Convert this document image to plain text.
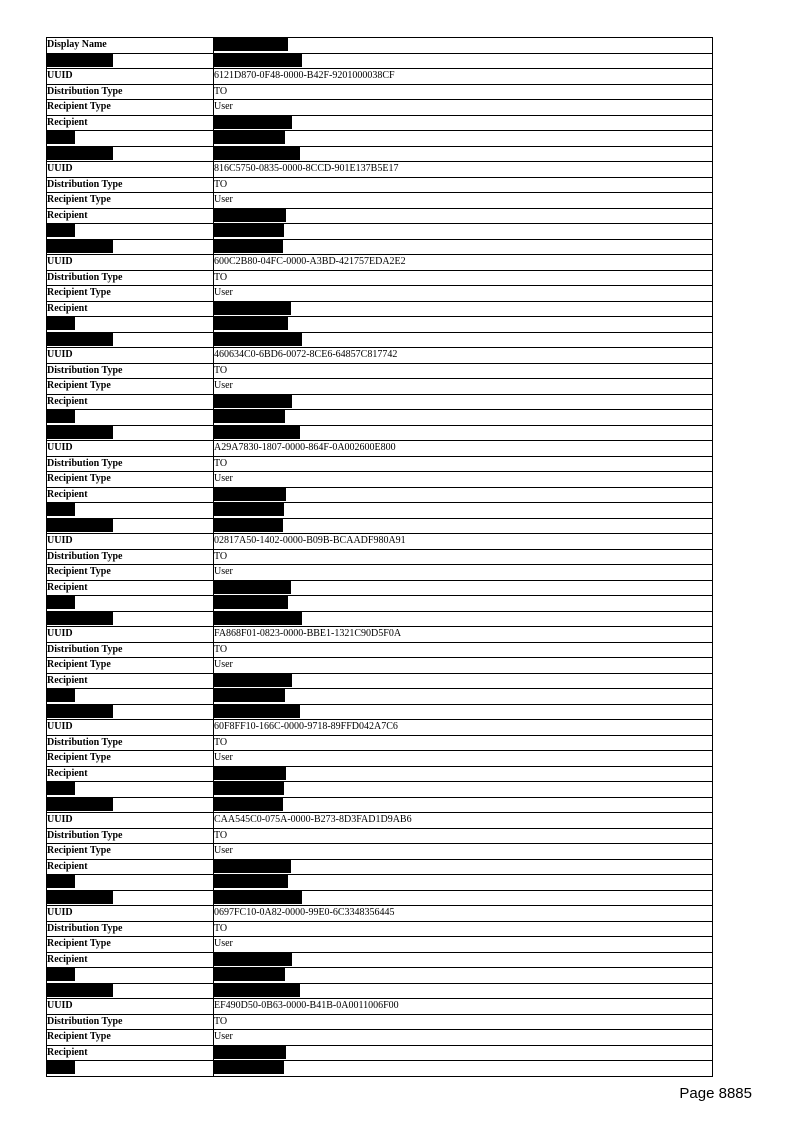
Display Name	

UUID	6121D870-0F48-0000-B42F-9201000038CF
Distribution Type	TO
Recipient Type	User
Recipient	

UUID	816C5750-0835-0000-8CCD-901E137B5E17
Distribution Type	TO
Recipient Type	User
Recipient	

UUID	600C2B80-04FC-0000-A3BD-421757EDA2E2
Distribution Type	TO
Recipient Type	User
Recipient	

UUID	460634C0-6BD6-0072-8CE6-64857C817742
Distribution Type	TO
Recipient Type	User
Recipient	

UUID	A29A7830-1807-0000-864F-0A002600E800
Distribution Type	TO
Recipient Type	User
Recipient	

UUID	02817A50-1402-0000-B09B-BCAADF980A91
Distribution Type	TO
Recipient Type	User
Recipient	

UUID	FA868F01-0823-0000-BBE1-1321C90D5F0A
Distribution Type	TO
Recipient Type	User
Recipient	

UUID	60F8FF10-166C-0000-9718-89FFD042A7C6
Distribution Type	TO
Recipient Type	User
Recipient	

UUID	CAA545C0-075A-0000-B273-8D3FAD1D9AB6
Distribution Type	TO
Recipient Type	User
Recipient	

UUID	0697FC10-0A82-0000-99E0-6C3348356445
Distribution Type	TO
Recipient Type	User
Recipient	

UUID	EF490D50-0B63-0000-B41B-0A0011006F00
Distribution Type	TO
Recipient Type	User
Recipient	

Page 8885
